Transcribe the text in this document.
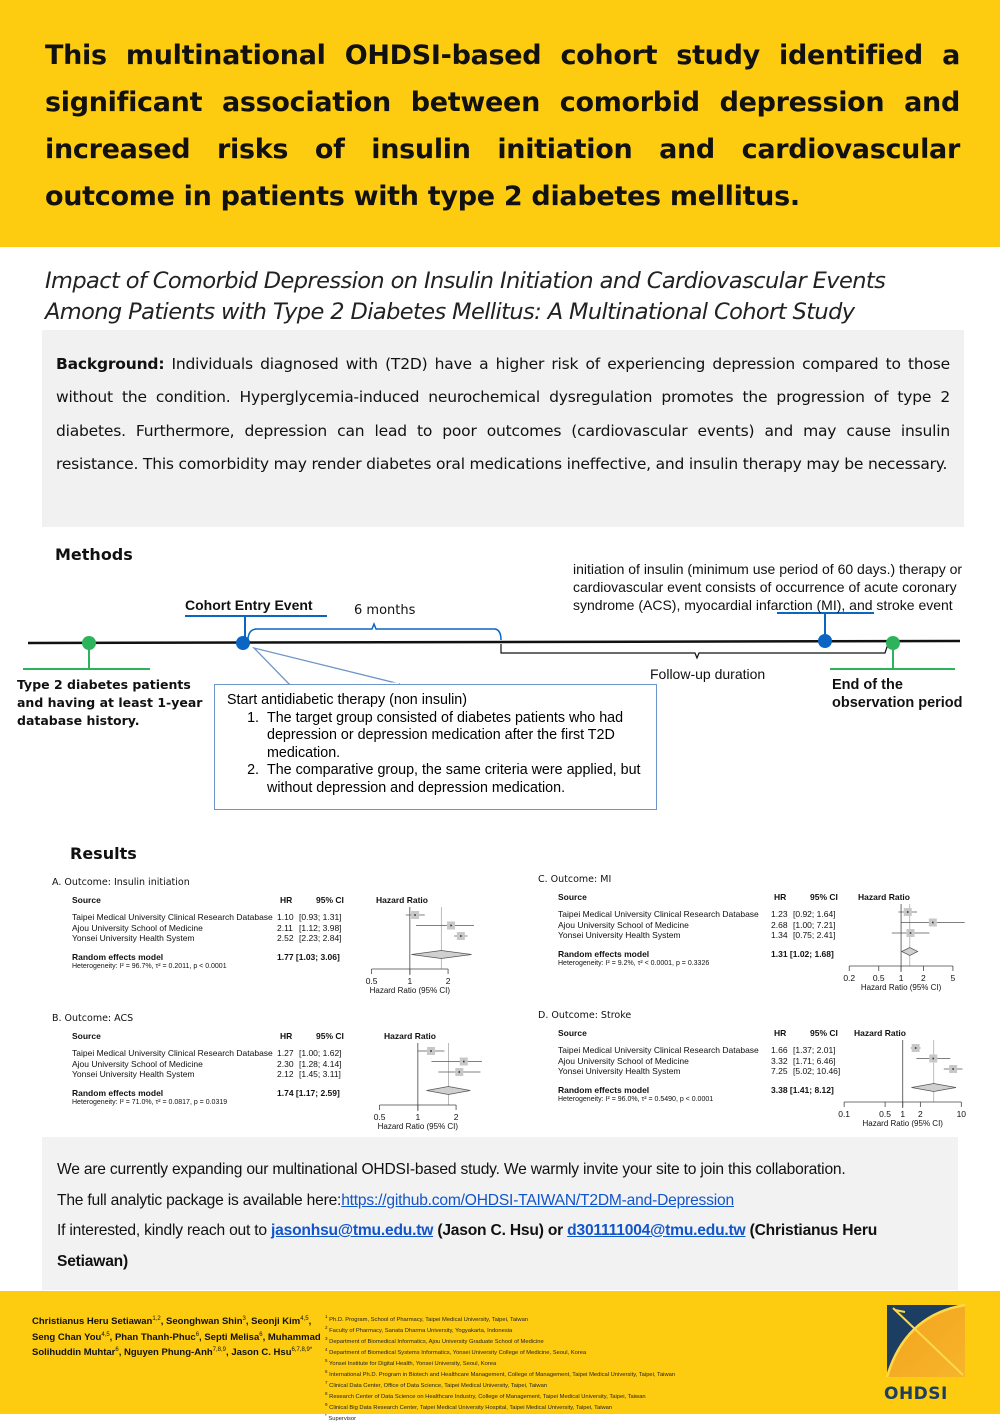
This multinational OHDSI-based cohort study identified a significant association between comorbid depression and increased risks of insulin initiation and cardiovascular outcome in patients with type 2 diabetes mellitus.
Impact of Comorbid Depression on Insulin Initiation and Cardiovascular Events Among Patients with Type 2 Diabetes Mellitus: A Multinational Cohort Study
Background: Individuals diagnosed with (T2D) have a higher risk of experiencing depression compared to those without the condition. Hyperglycemia-induced neurochemical dysregulation promotes the progression of type 2 diabetes. Furthermore, depression can lead to poor outcomes (cardiovascular events) and may cause insulin resistance. This comorbidity may render diabetes oral medications ineffective, and insulin therapy may be necessary.
Methods
Cohort Entry Event	6 months
initiation of insulin (minimum use period of 60 days.) therapy or
cardiovascular event consists of occurrence of acute coronary
syndrome (ACS), myocardial infarction (MI), and stroke event
Type 2 diabetes patients
and having at least 1-year
database history.
Follow-up duration
End of the
observation period
Start antidiabetic therapy (non insulin)
1. The target group consisted of diabetes patients who had depression or depression medication after the first T2D medication.
2. The comparative group, the same criteria were applied, but without depression and depression medication.
Results
A. Outcome: Insulin initiation
Source	HR	95% CI	Hazard Ratio
Taipei Medical University Clinical Research Database 1.10 [0.93; 1.31]
Ajou University School of Medicine	2.11 [1.12; 3.98]
Yonsei University Health System	2.52 [2.23; 2.84]
Random effects model	1.77 [1.03; 3.06]
Heterogeneity: I² = 96.7%, τ² = 0.2011, p < 0.0001
0.5	1	2
Hazard Ratio (95% CI)
B. Outcome: ACS
Source	HR	95% CI	Hazard Ratio
Taipei Medical University Clinical Research Database 1.27 [1.00; 1.62]
Ajou University School of Medicine	2.30 [1.28; 4.14]
Yonsei University Health System	2.12 [1.45; 3.11]
Random effects model	1.74 [1.17; 2.59]
Heterogeneity: I² = 71.0%, τ² = 0.0817, p = 0.0319
0.5	1	2
Hazard Ratio (95% CI)
C. Outcome: MI
Source	HR	95% CI Hazard Ratio
Taipei Medical University Clinical Research Database 1.23 [0.92; 1.64]
Ajou University School of Medicine	2.68 [1.00; 7.21]
Yonsei University Health System	1.34 [0.75; 2.41]
Random effects model	1.31 [1.02; 1.68]
Heterogeneity: I² = 9.2%, τ² < 0.0001, p = 0.3326
0.2 0.5 1 2	5
Hazard Ratio (95% CI)
D. Outcome: Stroke
Source	HR	95% CI Hazard Ratio
Taipei Medical University Clinical Research Database 1.66 [1.37; 2.01]
Ajou University School of Medicine	3.32 [1.71; 6.46]
Yonsei University Health System	7.25 [5.02; 10.46]
Random effects model	3.38 [1.41; 8.12]
Heterogeneity: I² = 96.0%, τ² = 0.5490, p < 0.0001
0.1	0.5 1 2	10
Hazard Ratio (95% CI)
We are currently expanding our multinational OHDSI-based study. We warmly invite your site to join this collaboration.
The full analytic package is available here:https://github.com/OHDSI-TAIWAN/T2DM-and-Depression
If interested, kindly reach out to jasonhsu@tmu.edu.tw (Jason C. Hsu) or d301111004@tmu.edu.tw (Christianus Heru Setiawan)
Christianus Heru Setiawan$^{1,2}$, Seonghwan Shin$^3$, Seonji Kim$^{4,5}$, Seng Chan You$^{4,5}$, Phan Thanh-Phuc$^6$, Septi Melisa$^6$, Muhammad Solihuddin Muhtar$^6$, Nguyen Phung-Anh$^{7,8,9}$, Jason C. Hsu$^{6,7,8,9*}$
$^1$ Ph.D. Program, School of Pharmacy, Taipei Medical University, Taipei, Taiwan
$^2$ Faculty of Pharmacy, Sanata Dharma University, Yogyakarta, Indonesia
$^3$ Department of Biomedical Informatics, Ajou University Graduate School of Medicine
$^4$ Department of Biomedical Systems Informatics, Yonsei University College of Medicine, Seoul, Korea
$^5$ Yonsei Institute for Digital Health, Yonsei University, Seoul, Korea
$^6$ International Ph.D. Program in Biotech and Healthcare Management, College of Management, Taipei Medical University, Taipei, Taiwan
$^7$ Clinical Data Center, Office of Data Science, Taipei Medical University, Taipei, Taiwan
$^8$ Research Center of Data Science on Healthcare Industry, College of Management, Taipei Medical University, Taipei, Taiwan
$^9$ Clinical Big Data Research Center, Taipei Medical University Hospital, Taipei Medical University, Taipei, Taiwan
* Supervisor
OHDSI
